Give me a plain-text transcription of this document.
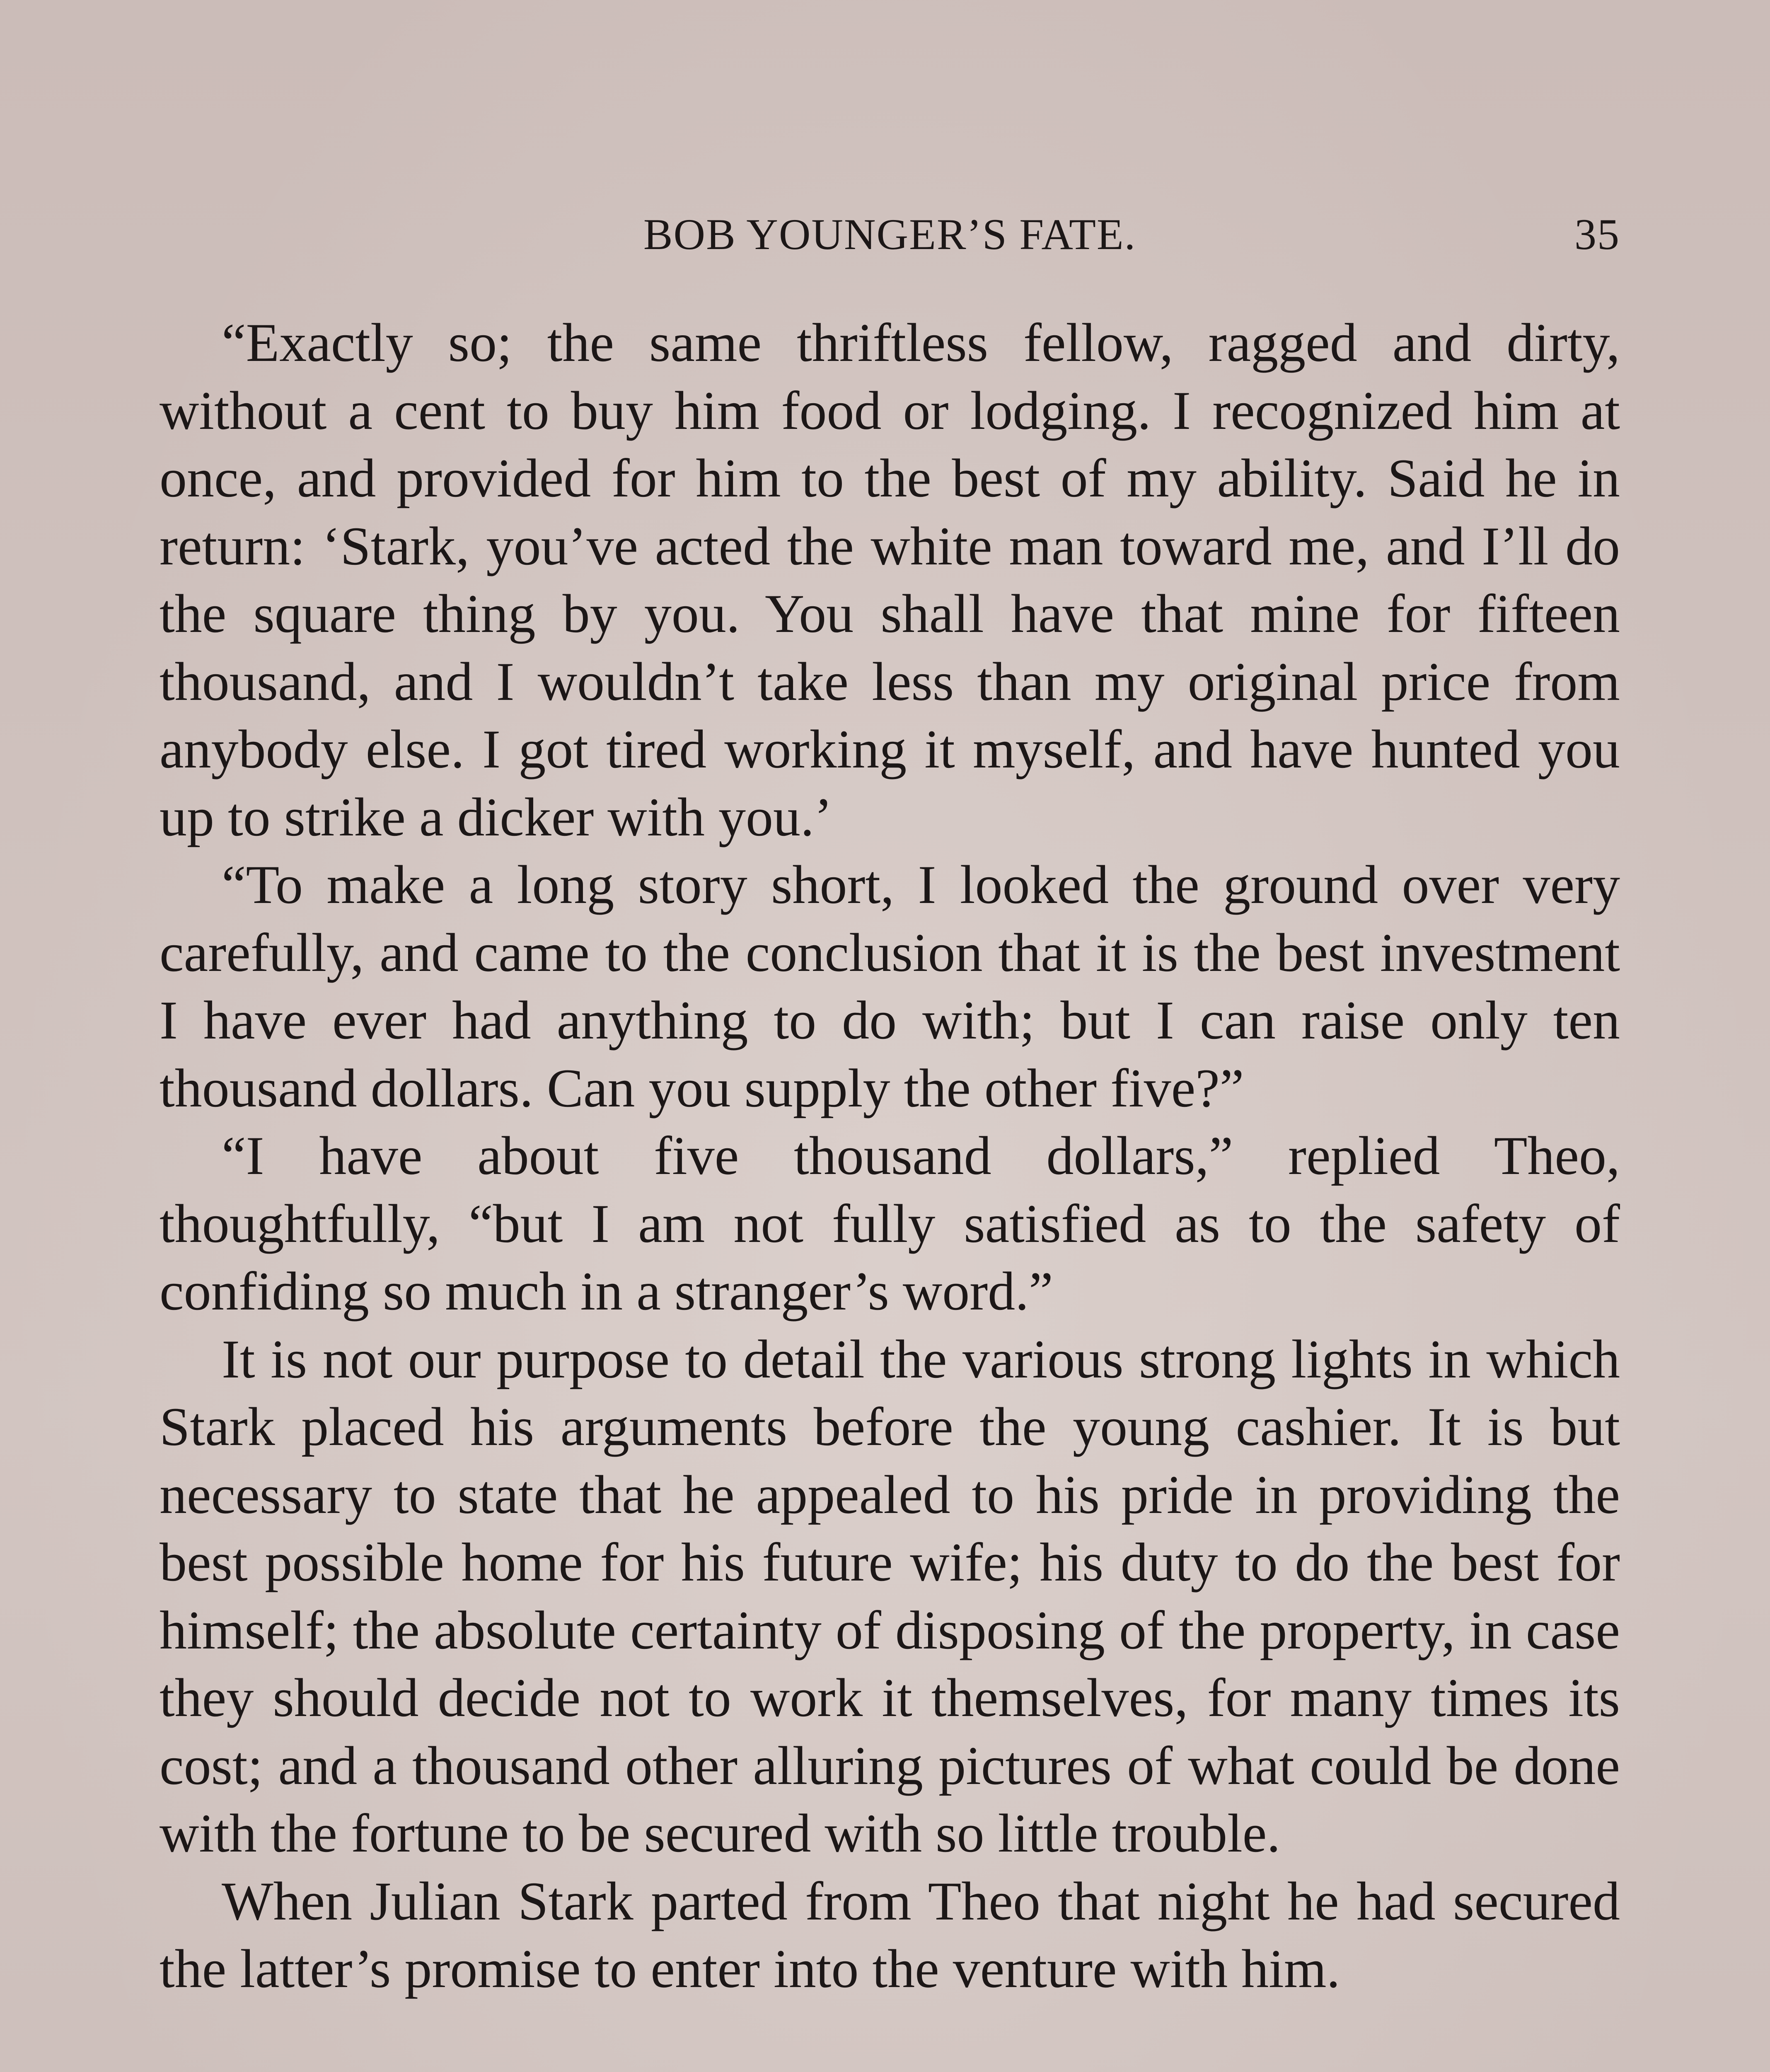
BOB YOUNGER’S FATE.	35

“Exactly so; the same thriftless fellow, ragged and dirty, without a cent to buy him food or lodging. I recognized him at once, and provided for him to the best of my ability. Said he in return: ‘Stark, you’ve acted the white man toward me, and I’ll do the square thing by you. You shall have that mine for fifteen thousand, and I wouldn’t take less than my original price from anybody else. I got tired working it myself, and have hunted you up to strike a dicker with you.’

“To make a long story short, I looked the ground over very carefully, and came to the conclusion that it is the best investment I have ever had anything to do with; but I can raise only ten thousand dollars. Can you supply the other five?”

“I have about five thousand dollars,” replied Theo, thoughtfully, “but I am not fully satisfied as to the safety of confiding so much in a stranger’s word.”

It is not our purpose to detail the various strong lights in which Stark placed his arguments before the young cashier. It is but necessary to state that he appealed to his pride in providing the best possible home for his future wife; his duty to do the best for himself; the absolute certainty of disposing of the property, in case they should decide not to work it themselves, for many times its cost; and a thousand other alluring pictures of what could be done with the fortune to be secured with so little trouble.

When Julian Stark parted from Theo that night he had secured the latter’s promise to enter into the venture with him.
